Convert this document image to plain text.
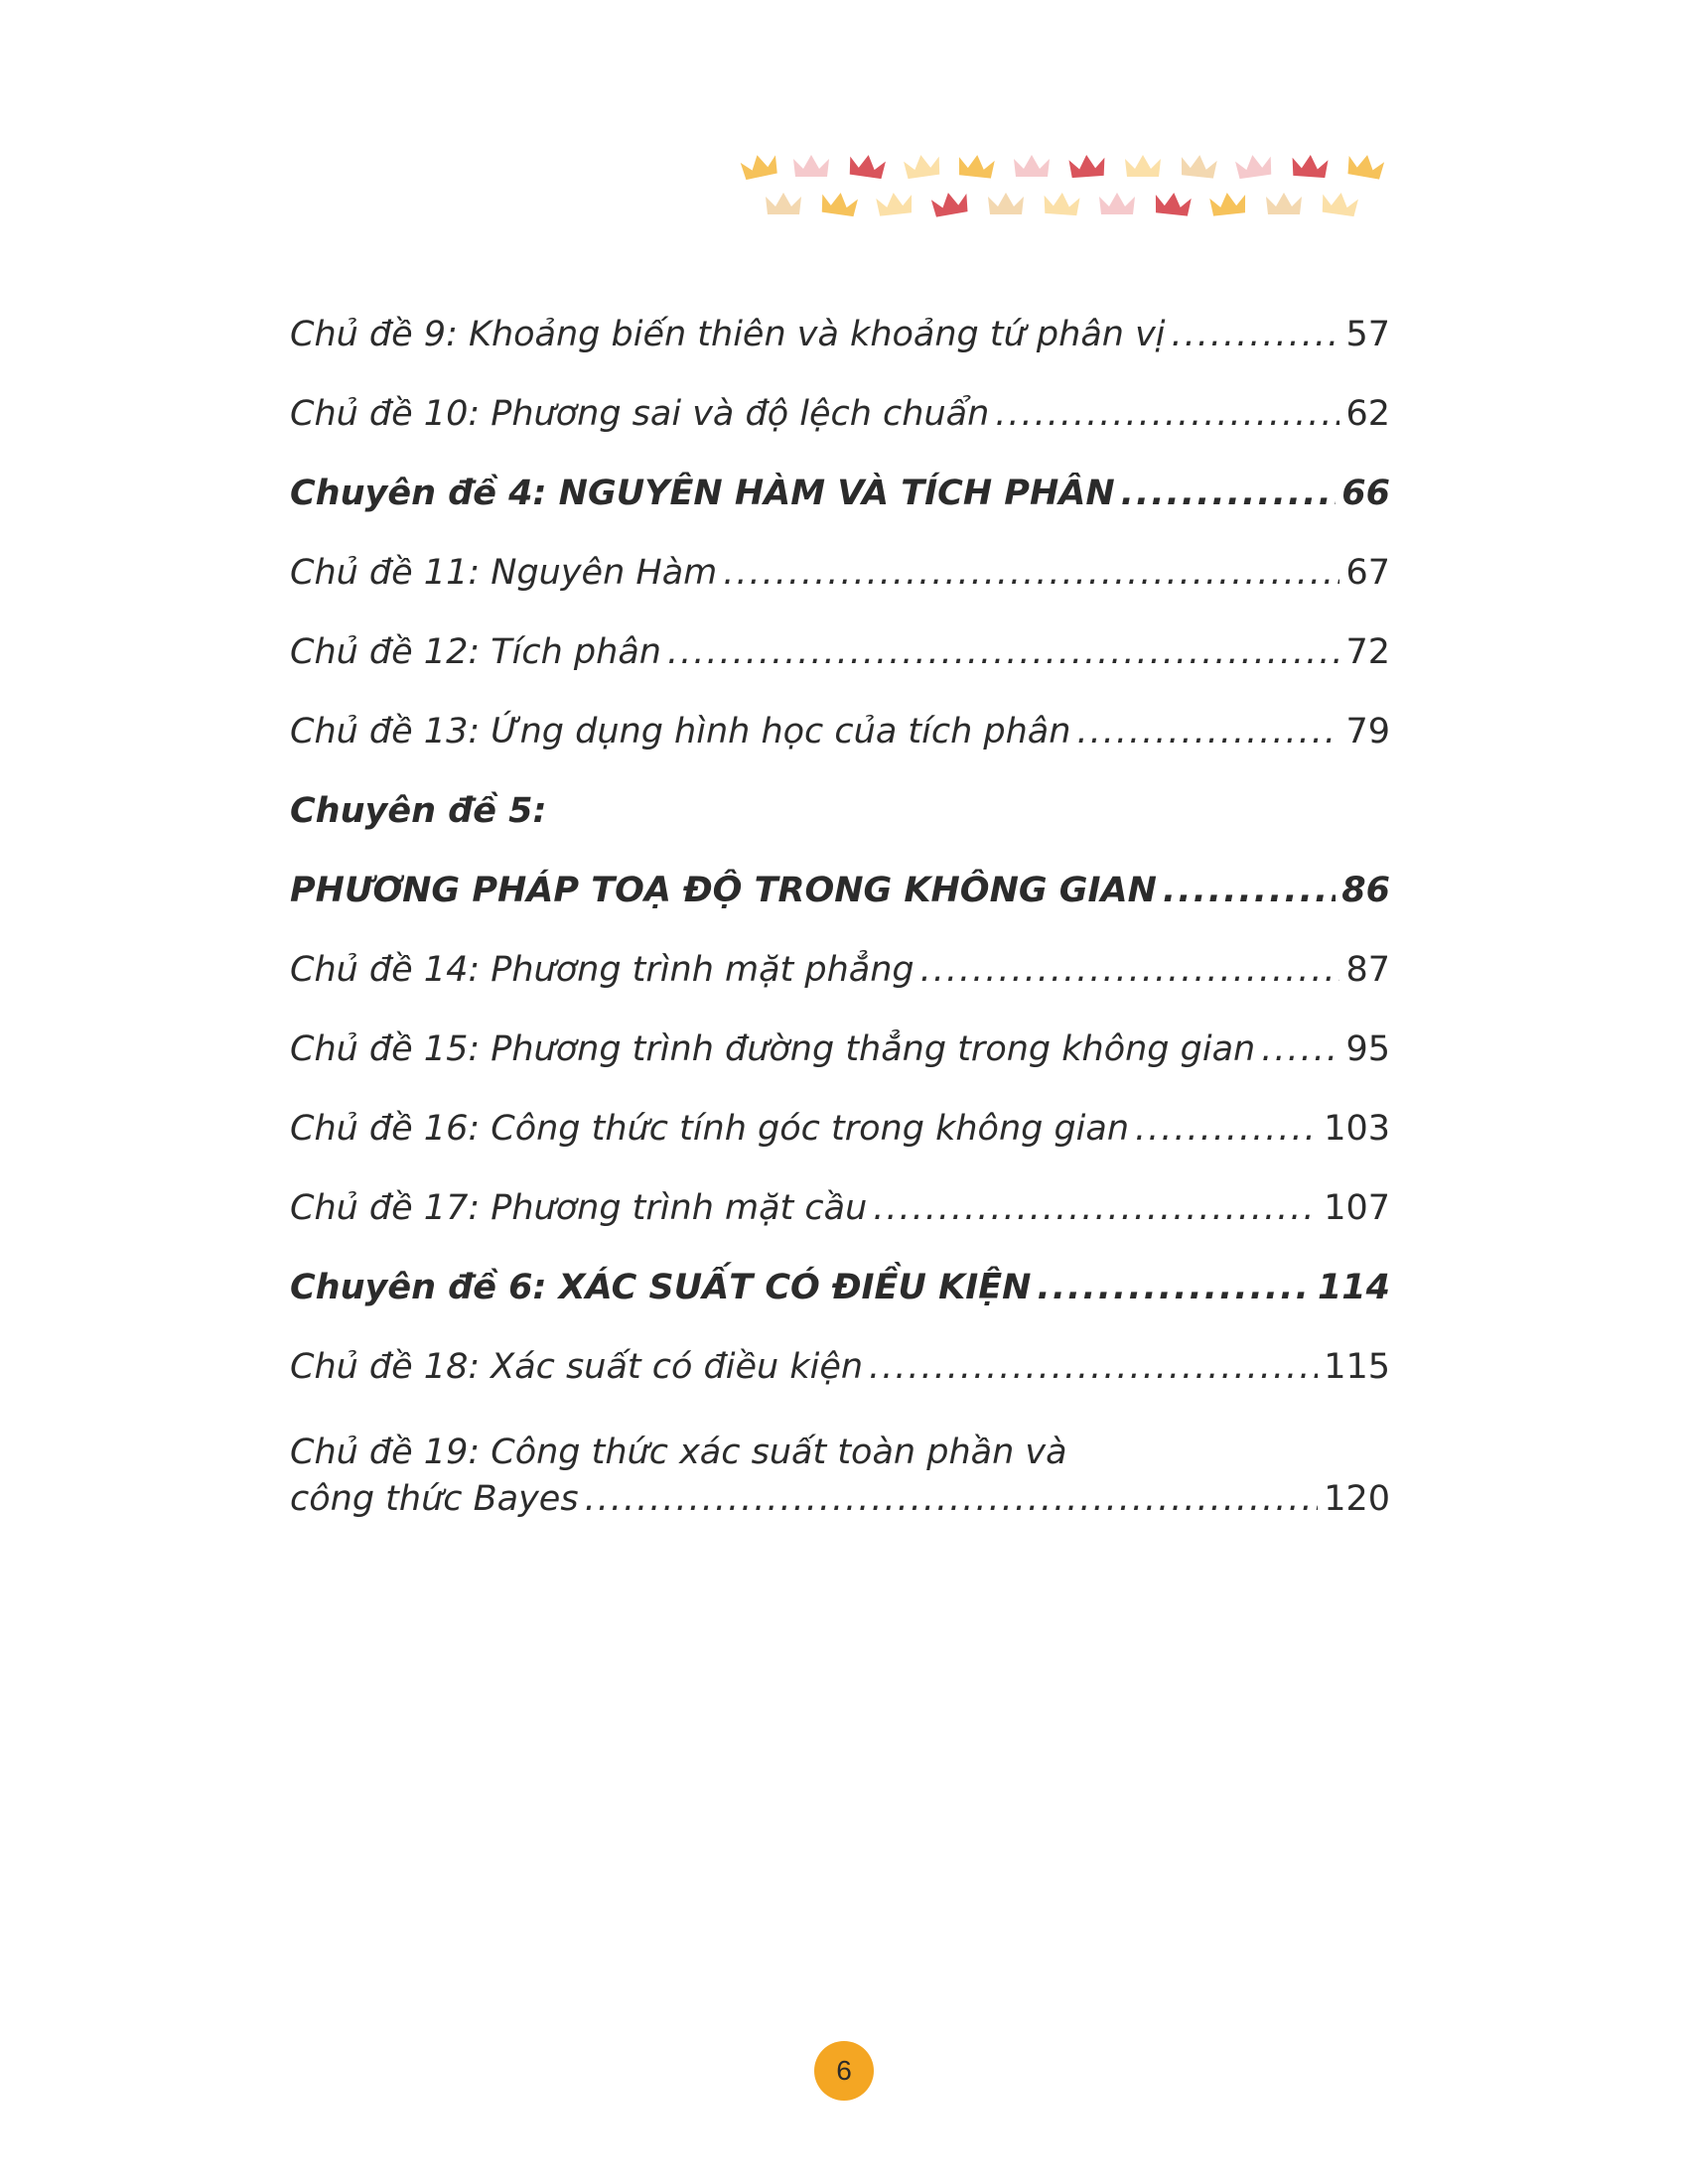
Chủ đề 9: Khoảng biến thiên và khoảng tứ phân vị .....	57
Chủ đề 10: Phương sai và độ lệch chuẩn .....	62
Chuyên đề 4: NGUYÊN HÀM VÀ TÍCH PHÂN .....	66
Chủ đề 11: Nguyên Hàm .....	67
Chủ đề 12: Tích phân .....	72
Chủ đề 13: Ứng dụng hình học của tích phân .....	79
Chuyên đề 5:
PHƯƠNG PHÁP TOẠ ĐỘ TRONG KHÔNG GIAN .....	86
Chủ đề 14: Phương trình mặt phẳng .....	87
Chủ đề 15: Phương trình đường thẳng trong không gian .....	95
Chủ đề 16: Công thức tính góc trong không gian .....	103
Chủ đề 17: Phương trình mặt cầu .....	107
Chuyên đề 6: XÁC SUẤT CÓ ĐIỀU KIỆN .....	114
Chủ đề 18: Xác suất có điều kiện .....	115
Chủ đề 19: Công thức xác suất toàn phần và
công thức Bayes .....	120
6
